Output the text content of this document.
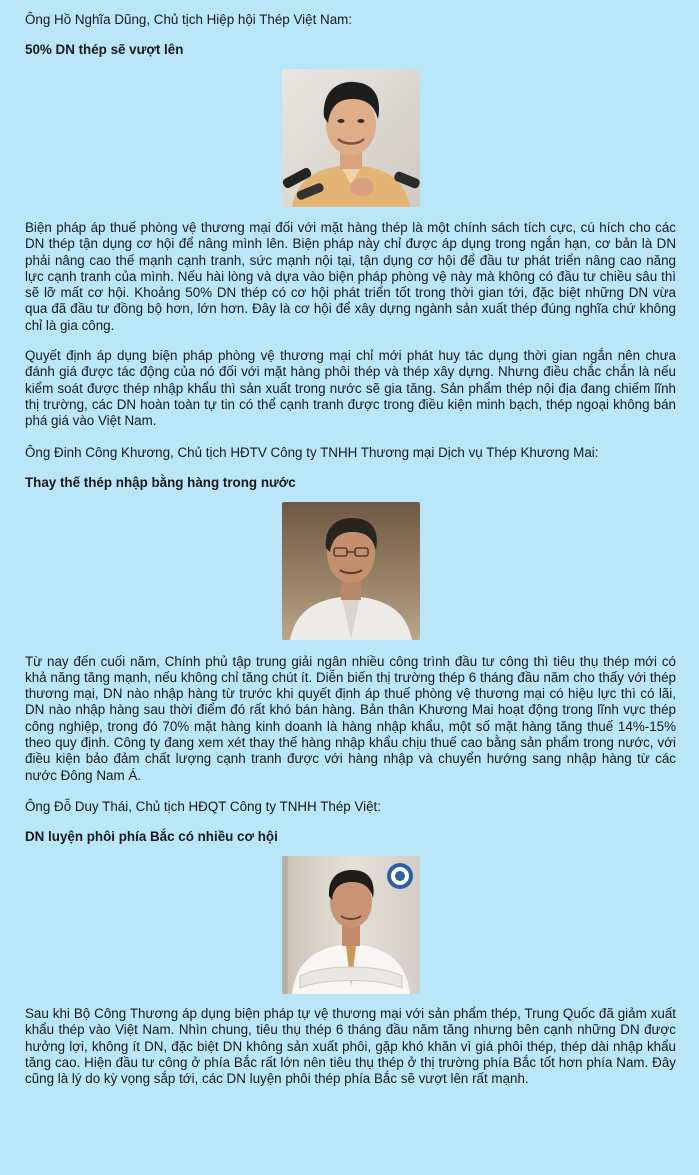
Ông Hồ Nghĩa Dũng, Chủ tịch Hiệp hội Thép Việt Nam:

50% DN thép sẽ vượt lên

Biện pháp áp thuế phòng vệ thương mại đối với mặt hàng thép là một chính sách tích cực, cú hích cho các DN thép tận dụng cơ hội để nâng mình lên. Biện pháp này chỉ được áp dụng trong ngắn hạn, cơ bản là DN phải nâng cao thế mạnh cạnh tranh, sức mạnh nội tại, tận dụng cơ hội để đầu tư phát triển nâng cao năng lực cạnh tranh của mình. Nếu hài lòng và dựa vào biện pháp phòng vệ này mà không có đầu tư chiều sâu thì sẽ lỡ mất cơ hội. Khoảng 50% DN thép có cơ hội phát triển tốt trong thời gian tới, đặc biệt những DN vừa qua đã đầu tư đồng bộ hơn, lớn hơn. Đây là cơ hội để xây dựng ngành sản xuất thép đúng nghĩa chứ không chỉ là gia công.

Quyết định áp dụng biện pháp phòng vệ thương mại chỉ mới phát huy tác dụng thời gian ngắn nên chưa đánh giá được tác động của nó đối với mặt hàng phôi thép và thép xây dựng. Nhưng điều chắc chắn là nếu kiểm soát được thép nhập khẩu thì sản xuất trong nước sẽ gia tăng. Sản phẩm thép nội địa đang chiếm lĩnh thị trường, các DN hoàn toàn tự tin có thể cạnh tranh được trong điều kiện minh bạch, thép ngoại không bán phá giá vào Việt Nam.

Ông Đinh Công Khương, Chủ tịch HĐTV Công ty TNHH Thương mại Dịch vụ Thép Khương Mai:

Thay thế thép nhập bằng hàng trong nước

Từ nay đến cuối năm, Chính phủ tập trung giải ngân nhiều công trình đầu tư công thì tiêu thụ thép mới có khả năng tăng mạnh, nếu không chỉ tăng chút ít. Diễn biến thị trường thép 6 tháng đầu năm cho thấy với thép thương mại, DN nào nhập hàng từ trước khi quyết định áp thuế phòng vệ thương mại có hiệu lực thì có lãi, DN nào nhập hàng sau thời điểm đó rất khó bán hàng. Bản thân Khương Mai hoạt động trong lĩnh vực thép công nghiệp, trong đó 70% mặt hàng kinh doanh là hàng nhập khẩu, một số mặt hàng tăng thuế 14%-15% theo quy định. Công ty đang xem xét thay thế hàng nhập khẩu chịu thuế cao bằng sản phẩm trong nước, với điều kiện bảo đảm chất lượng cạnh tranh được với hàng nhập và chuyển hướng sang nhập hàng từ các nước Đông Nam Á.

Ông Đỗ Duy Thái, Chủ tịch HĐQT Công ty TNHH Thép Việt:

DN luyện phôi phía Bắc có nhiều cơ hội

Sau khi Bộ Công Thương áp dụng biện pháp tự vệ thương mại với sản phẩm thép, Trung Quốc đã giảm xuất khẩu thép vào Việt Nam. Nhìn chung, tiêu thụ thép 6 tháng đầu năm tăng nhưng bên cạnh những DN được hưởng lợi, không ít DN, đặc biệt DN không sản xuất phôi, gặp khó khăn vì giá phôi thép, thép dài nhập khẩu tăng cao. Hiện đầu tư công ở phía Bắc rất lớn nên tiêu thụ thép ở thị trường phía Bắc tốt hơn phía Nam. Đây cũng là lý do kỳ vọng sắp tới, các DN luyện phôi thép phía Bắc sẽ vượt lên rất mạnh.
